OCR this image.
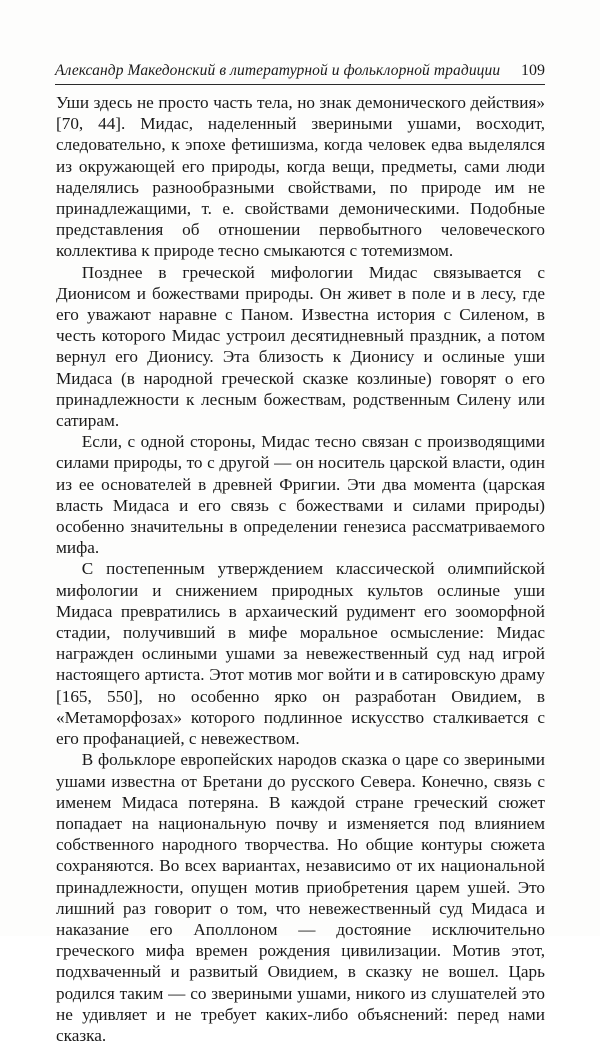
Александр Македонский в литературной и фольклорной традиции 109

Уши здесь не просто часть тела, но знак демонического действия» [70, 44]. Мидас, наделенный звериными ушами, восходит, следовательно, к эпохе фетишизма, когда человек едва выделялся из окружающей его природы, когда вещи, предметы, сами люди наделялись разнообразными свойствами, по природе им не принадлежащими, т. е. свойствами демоническими. Подобные представления об отношении первобытного человеческого коллектива к природе тесно смыкаются с тотемизмом.

Позднее в греческой мифологии Мидас связывается с Дионисом и божествами природы. Он живет в поле и в лесу, где его уважают наравне с Паном. Известна история с Силеном, в честь которого Мидас устроил десятидневный праздник, а потом вернул его Дионису. Эта близость к Дионису и ослиные уши Мидаса (в народной греческой сказке козлиные) говорят о его принадлежности к лесным божествам, родственным Силену или сатирам.

Если, с одной стороны, Мидас тесно связан с производящими силами природы, то с другой — он носитель царской власти, один из ее основателей в древней Фригии. Эти два момента (царская власть Мидаса и его связь с божествами и силами природы) особенно значительны в определении генезиса рассматриваемого мифа.

С постепенным утверждением классической олимпийской мифологии и снижением природных культов ослиные уши Мидаса превратились в архаический рудимент его зооморфной стадии, получивший в мифе моральное осмысление: Мидас награжден ослиными ушами за невежественный суд над игрой настоящего артиста. Этот мотив мог войти и в сатировскую драму [165, 550], но особенно ярко он разработан Овидием, в «Метаморфозах» которого подлинное искусство сталкивается с его профанацией, с невежеством.

В фольклоре европейских народов сказка о царе со звериными ушами известна от Бретани до русского Севера. Конечно, связь с именем Мидаса потеряна. В каждой стране греческий сюжет попадает на национальную почву и изменяется под влиянием собственного народного творчества. Но общие контуры сюжета сохраняются. Во всех вариантах, независимо от их национальной принадлежности, опущен мотив приобретения царем ушей. Это лишний раз говорит о том, что невежественный суд Мидаса и наказание его Аполлоном — достояние исключительно греческого мифа времен рождения цивилизации. Мотив этот, подхваченный и развитый Овидием, в сказку не вошел. Царь родился таким — со звериными ушами, никого из слушателей это не удивляет и не требует каких-либо объяснений: перед нами сказка.
